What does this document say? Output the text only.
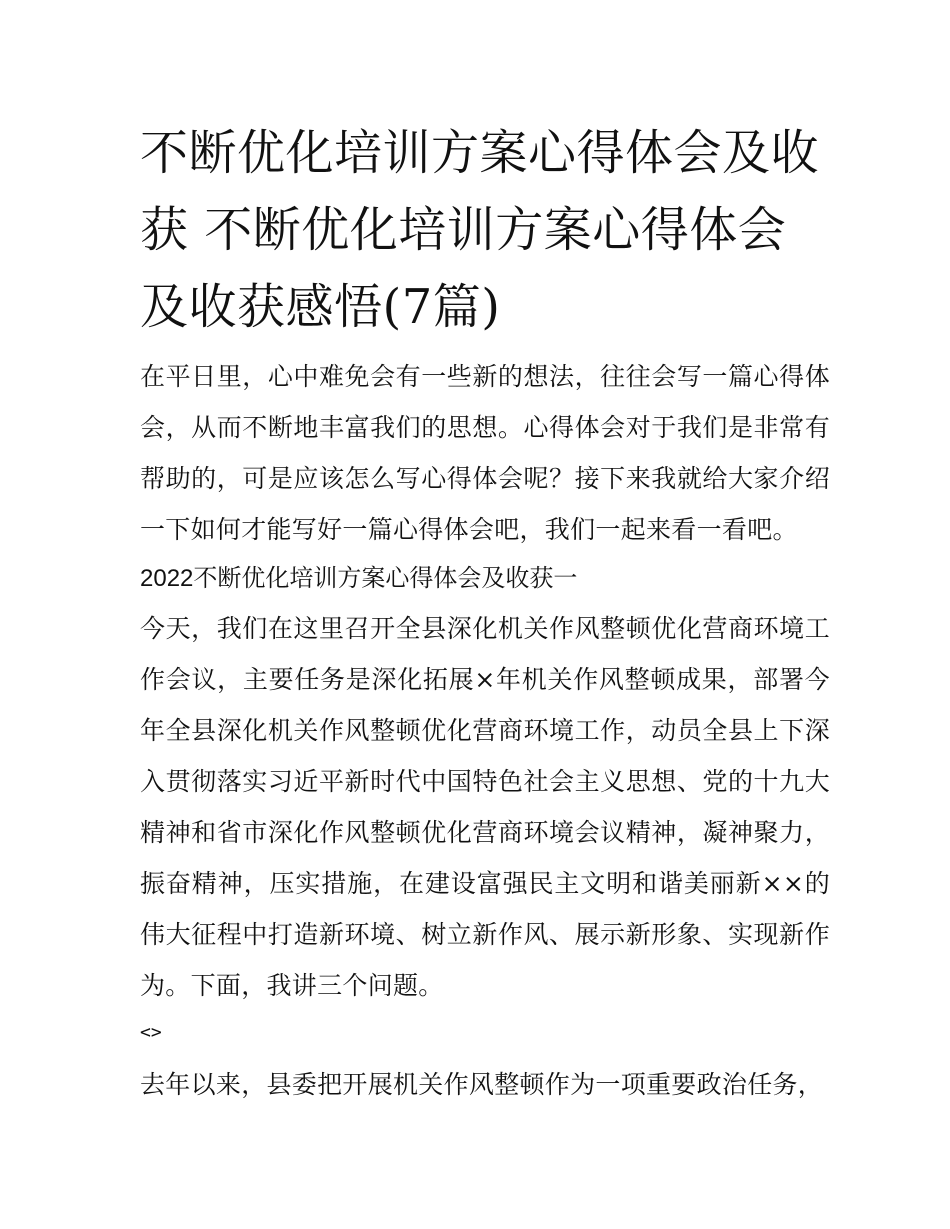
不断优化培训方案心得体会及收获 不断优化培训方案心得体会及收获感悟(7篇)

在平日里，心中难免会有一些新的想法，往往会写一篇心得体会，从而不断地丰富我们的思想。心得体会对于我们是非常有帮助的，可是应该怎么写心得体会呢？接下来我就给大家介绍一下如何才能写好一篇心得体会吧，我们一起来看一看吧。

2022不断优化培训方案心得体会及收获一

今天，我们在这里召开全县深化机关作风整顿优化营商环境工作会议，主要任务是深化拓展×年机关作风整顿成果，部署今年全县深化机关作风整顿优化营商环境工作，动员全县上下深入贯彻落实习近平新时代中国特色社会主义思想、党的十九大精神和省市深化作风整顿优化营商环境会议精神，凝神聚力，振奋精神，压实措施，在建设富强民主文明和谐美丽新××的伟大征程中打造新环境、树立新作风、展示新形象、实现新作为。下面，我讲三个问题。

<>

去年以来，县委把开展机关作风整顿作为一项重要政治任务，
